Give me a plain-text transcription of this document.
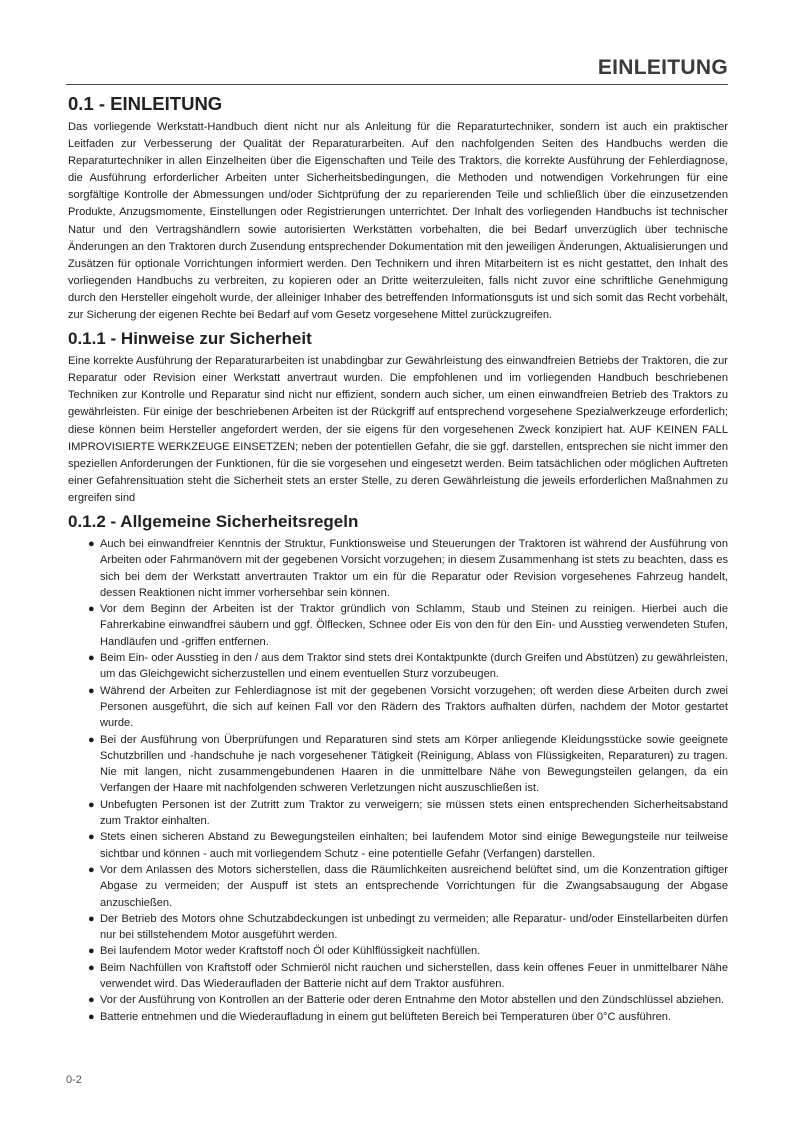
EINLEITUNG
0.1 - EINLEITUNG

Das vorliegende Werkstatt-Handbuch dient nicht nur als Anleitung für die Reparaturtechniker, sondern ist auch ein praktischer Leitfaden zur Verbesserung der Qualität der Reparaturarbeiten. Auf den nachfolgenden Seiten des Handbuchs werden die Reparaturtechniker in allen Einzelheiten über die Eigenschaften und Teile des Traktors, die korrekte Ausführung der Fehlerdiagnose, die Ausführung erforderlicher Arbeiten unter Sicherheitsbedingungen, die Methoden und notwendigen Vorkehrungen für eine sorgfältige Kontrolle der Abmessungen und/oder Sichtprüfung der zu reparierenden Teile und schließlich über die einzusetzenden Produkte, Anzugsmomente, Einstellungen oder Registrierungen unterrichtet. Der Inhalt des vorliegenden Handbuchs ist technischer Natur und den Vertragshändlern sowie autorisierten Werkstätten vorbehalten, die bei Bedarf unverzüglich über technische Änderungen an den Traktoren durch Zusendung entsprechender Dokumentation mit den jeweiligen Änderungen, Aktualisierungen und Zusätzen für optionale Vorrichtungen informiert werden. Den Technikern und ihren Mitarbeitern ist es nicht gestattet, den Inhalt des vorliegenden Handbuchs zu verbreiten, zu kopieren oder an Dritte weiterzuleiten, falls nicht zuvor eine schriftliche Genehmigung durch den Hersteller eingeholt wurde, der alleiniger Inhaber des betreffenden Informationsguts ist und sich somit das Recht vorbehält, zur Sicherung der eigenen Rechte bei Bedarf auf vom Gesetz vorgesehene Mittel zurückzugreifen.

0.1.1 - Hinweise zur Sicherheit

Eine korrekte Ausführung der Reparaturarbeiten ist unabdingbar zur Gewährleistung des einwandfreien Betriebs der Traktoren, die zur Reparatur oder Revision einer Werkstatt anvertraut wurden. Die empfohlenen und im vorliegenden Handbuch beschriebenen Techniken zur Kontrolle und Reparatur sind nicht nur effizient, sondern auch sicher, um einen einwandfreien Betrieb des Traktors zu gewährleisten. Für einige der beschriebenen Arbeiten ist der Rückgriff auf entsprechend vorgesehene Spezialwerkzeuge erforderlich; diese können beim Hersteller angefordert werden, der sie eigens für den vorgesehenen Zweck konzipiert hat. AUF KEINEN FALL IMPROVISIERTE WERKZEUGE EINSETZEN; neben der potentiellen Gefahr, die sie ggf. darstellen, entsprechen sie nicht immer den speziellen Anforderungen der Funktionen, für die sie vorgesehen und eingesetzt werden. Beim tatsächlichen oder möglichen Auftreten einer Gefahrensituation steht die Sicherheit stets an erster Stelle, zu deren Gewährleistung die jeweils erforderlichen Maßnahmen zu ergreifen sind

0.1.2 - Allgemeine Sicherheitsregeln
● Auch bei einwandfreier Kenntnis der Struktur, Funktionsweise und Steuerungen der Traktoren ist während der Ausführung von Arbeiten oder Fahrmanövern mit der gegebenen Vorsicht vorzugehen; in diesem Zusammenhang ist stets zu beachten, dass es sich bei dem der Werkstatt anvertrauten Traktor um ein für die Reparatur oder Revision vorgesehenes Fahrzeug handelt, dessen Reaktionen nicht immer vorhersehbar sein können.
● Vor dem Beginn der Arbeiten ist der Traktor gründlich von Schlamm, Staub und Steinen zu reinigen. Hierbei auch die Fahrerkabine einwandfrei säubern und ggf. Ölflecken, Schnee oder Eis von den für den Ein- und Ausstieg verwendeten Stufen, Handläufen und -griffen entfernen.
● Beim Ein- oder Ausstieg in den / aus dem Traktor sind stets drei Kontaktpunkte (durch Greifen und Abstützen) zu gewährleisten, um das Gleichgewicht sicherzustellen und einem eventuellen Sturz vorzubeugen.
● Während der Arbeiten zur Fehlerdiagnose ist mit der gegebenen Vorsicht vorzugehen; oft werden diese Arbeiten durch zwei Personen ausgeführt, die sich auf keinen Fall vor den Rädern des Traktors aufhalten dürfen, nachdem der Motor gestartet wurde.
● Bei der Ausführung von Überprüfungen und Reparaturen sind stets am Körper anliegende Kleidungsstücke sowie geeignete Schutzbrillen und -handschuhe je nach vorgesehener Tätigkeit (Reinigung, Ablass von Flüssigkeiten, Reparaturen) zu tragen. Nie mit langen, nicht zusammengebundenen Haaren in die unmittelbare Nähe von Bewegungsteilen gelangen, da ein Verfangen der Haare mit nachfolgenden schweren Verletzungen nicht auszuschließen ist.
● Unbefugten Personen ist der Zutritt zum Traktor zu verweigern; sie müssen stets einen entsprechenden Sicherheitsabstand zum Traktor einhalten.
● Stets einen sicheren Abstand zu Bewegungsteilen einhalten; bei laufendem Motor sind einige Bewegungsteile nur teilweise sichtbar und können - auch mit vorliegendem Schutz - eine potentielle Gefahr (Verfangen) darstellen.
● Vor dem Anlassen des Motors sicherstellen, dass die Räumlichkeiten ausreichend belüftet sind, um die Konzentration giftiger Abgase zu vermeiden; der Auspuff ist stets an entsprechende Vorrichtungen für die Zwangsabsaugung der Abgase anzuschießen.
● Der Betrieb des Motors ohne Schutzabdeckungen ist unbedingt zu vermeiden; alle Reparatur- und/oder Einstellarbeiten dürfen nur bei stillstehendem Motor ausgeführt werden.
● Bei laufendem Motor weder Kraftstoff noch Öl oder Kühlflüssigkeit nachfüllen.
● Beim Nachfüllen von Kraftstoff oder Schmieröl nicht rauchen und sicherstellen, dass kein offenes Feuer in unmittelbarer Nähe verwendet wird. Das Wiederaufladen der Batterie nicht auf dem Traktor ausführen.
● Vor der Ausführung von Kontrollen an der Batterie oder deren Entnahme den Motor abstellen und den Zündschlüssel abziehen.
● Batterie entnehmen und die Wiederaufladung in einem gut belüfteten Bereich bei Temperaturen über 0°C ausführen.
0-2
